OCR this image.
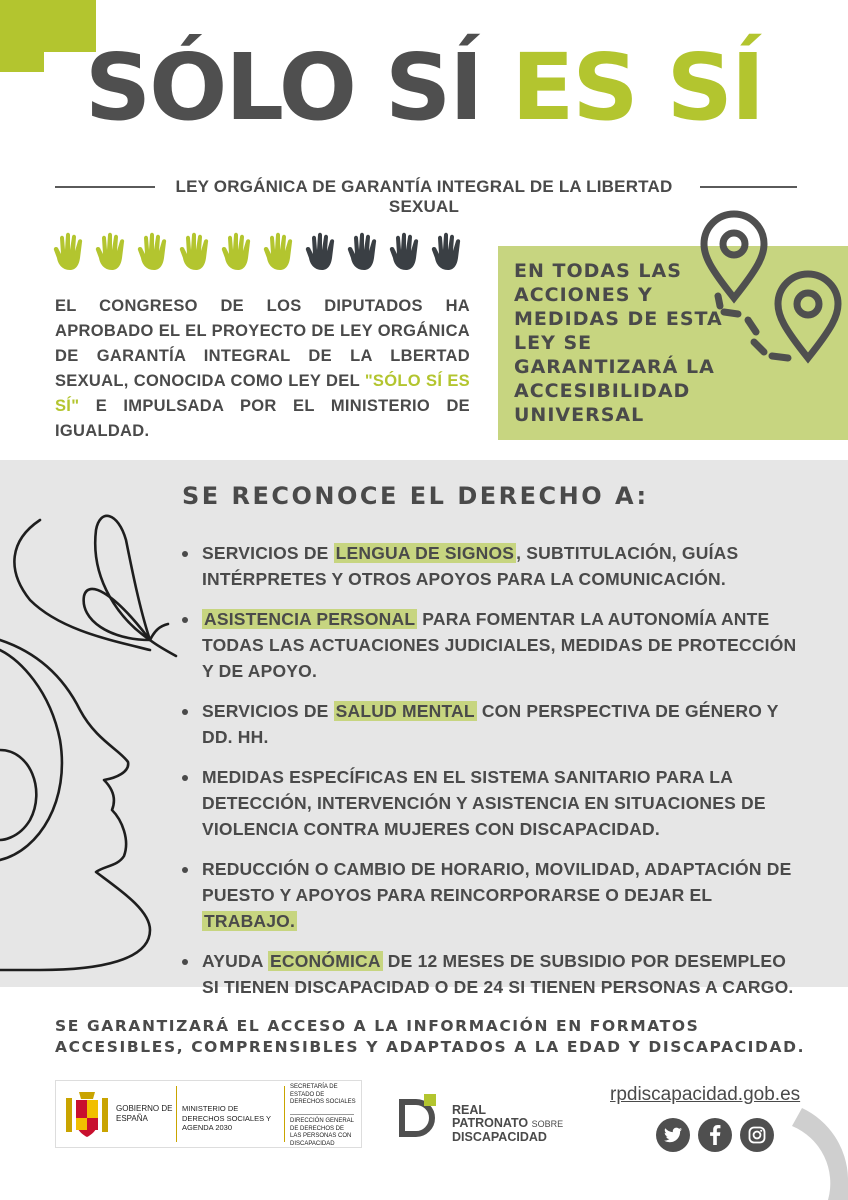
SÓLO SÍ ES SÍ
LEY ORGÁNICA DE GARANTÍA INTEGRAL DE LA LIBERTAD SEXUAL
EL CONGRESO DE LOS DIPUTADOS HA APROBADO EL EL PROYECTO DE LEY ORGÁNICA DE GARANTÍA INTEGRAL DE LA LBERTAD SEXUAL, CONOCIDA COMO LEY DEL "SÓLO SÍ ES SÍ" E IMPULSADA POR EL MINISTERIO DE IGUALDAD.
EN TODAS LAS ACCIONES Y MEDIDAS DE ESTA LEY SE GARANTIZARÁ LA ACCESIBILIDAD UNIVERSAL
SE RECONOCE EL DERECHO A:
SERVICIOS DE LENGUA DE SIGNOS , SUBTITULACIÓN, GUÍAS INTÉRPRETES Y OTROS APOYOS PARA LA COMUNICACIÓN.
ASISTENCIA PERSONAL PARA FOMENTAR LA AUTONOMÍA ANTE TODAS LAS ACTUACIONES JUDICIALES, MEDIDAS DE PROTECCIÓN Y DE APOYO.
SERVICIOS DE SALUD MENTAL CON PERSPECTIVA DE GÉNERO Y DD. HH.
MEDIDAS ESPECÍFICAS EN EL SISTEMA SANITARIO PARA LA DETECCIÓN, INTERVENCIÓN Y ASISTENCIA EN SITUACIONES DE VIOLENCIA CONTRA MUJERES CON DISCAPACIDAD.
REDUCCIÓN O CAMBIO DE HORARIO, MOVILIDAD, ADAPTACIÓN DE PUESTO Y APOYOS PARA REINCORPORARSE O DEJAR EL TRABAJO.
AYUDA ECONÓMICA DE 12 MESES DE SUBSIDIO POR DESEMPLEO SI TIENEN DISCAPACIDAD O DE 24 SI TIENEN PERSONAS A CARGO.
SE GARANTIZARÁ EL ACCESO A LA INFORMACIÓN EN FORMATOS ACCESIBLES, COMPRENSIBLES Y ADAPTADOS A LA EDAD Y DISCAPACIDAD.
GOBIERNO DE ESPAÑA
MINISTERIO DE DERECHOS SOCIALES Y AGENDA 2030
SECRETARÍA DE ESTADO DE DERECHOS SOCIALES
DIRECCIÓN GENERAL DE DERECHOS DE LAS PERSONAS CON DISCAPACIDAD
REAL
PATRONATO SOBRE
DISCAPACIDAD
rpdiscapacidad.gob.es
